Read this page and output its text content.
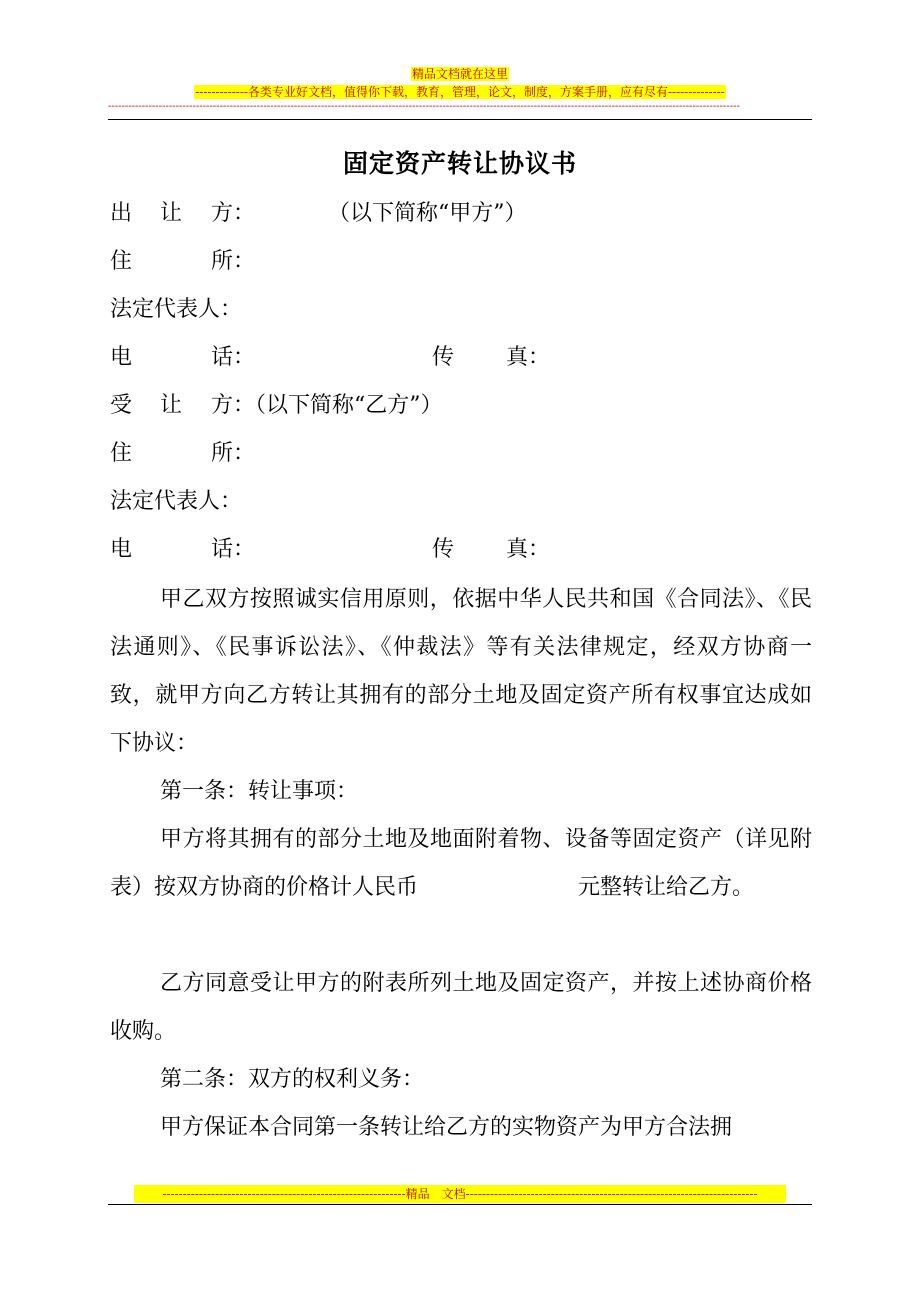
精品文档就在这里
-------------各类专业好文档，值得你下载，教育，管理，论文，制度，方案手册，应有尽有--------------
-------------------------------------------------------------------------------------------------------------------------------------------------------------------------------------------
固定资产转让协议书
出 让 方：	（以下简称“甲方”）
住	所：
法定代表人：
电	话：	传 真：
受 让 方：（以下简称“乙方”）
住	所：
法定代表人：
电	话：	传 真：
甲乙双方按照诚实信用原则，依据中华人民共和国《合同法》、《民法通则》、《民事诉讼法》、《仲裁法》等有关法律规定，经双方协商一致，就甲方向乙方转让其拥有的部分土地及固定资产所有权事宜达成如下协议：
第一条：转让事项：
甲方将其拥有的部分土地及地面附着物、设备等固定资产（详见附表）按双方协商的价格计人民币	元整转让给乙方。
乙方同意受让甲方的附表所列土地及固定资产，并按上述协商价格收购。
第二条：双方的权利义务：
甲方保证本合同第一条转让给乙方的实物资产为甲方合法拥
------------------------------------------------------------精品　文档------------------------------------------------------------------------
